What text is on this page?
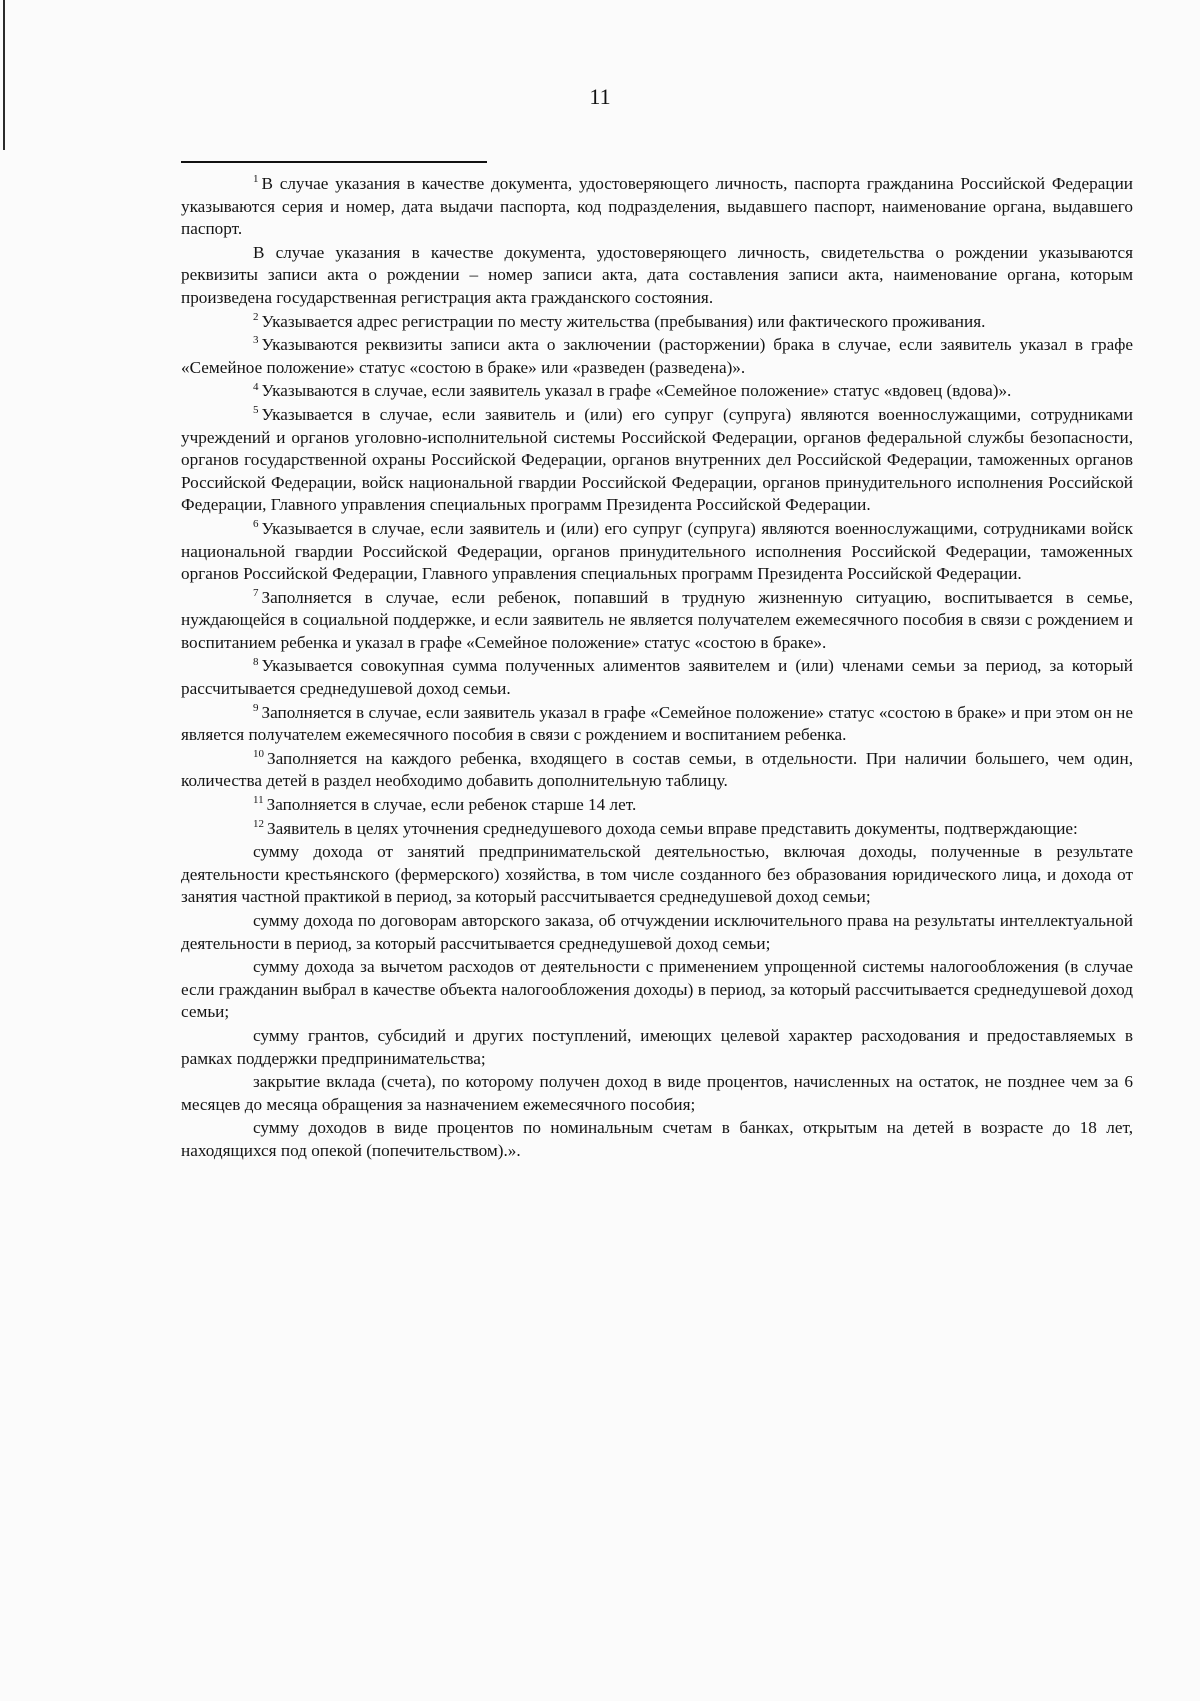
11

$^1$ В случае указания в качестве документа, удостоверяющего личность, паспорта гражданина Российской Федерации указываются серия и номер, дата выдачи паспорта, код подразделения, выдавшего паспорт, наименование органа, выдавшего паспорт.

В случае указания в качестве документа, удостоверяющего личность, свидетельства о рождении указываются реквизиты записи акта о рождении – номер записи акта, дата составления записи акта, наименование органа, которым произведена государственная регистрация акта гражданского состояния.

$^2$ Указывается адрес регистрации по месту жительства (пребывания) или фактического проживания.

$^3$ Указываются реквизиты записи акта о заключении (расторжении) брака в случае, если заявитель указал в графе «Семейное положение» статус «состою в браке» или «разведен (разведена)».

$^4$ Указываются в случае, если заявитель указал в графе «Семейное положение» статус «вдовец (вдова)».

$^5$ Указывается в случае, если заявитель и (или) его супруг (супруга) являются военнослужащими, сотрудниками учреждений и органов уголовно-исполнительной системы Российской Федерации, органов федеральной службы безопасности, органов государственной охраны Российской Федерации, органов внутренних дел Российской Федерации, таможенных органов Российской Федерации, войск национальной гвардии Российской Федерации, органов принудительного исполнения Российской Федерации, Главного управления специальных программ Президента Российской Федерации.

$^6$ Указывается в случае, если заявитель и (или) его супруг (супруга) являются военнослужащими, сотрудниками войск национальной гвардии Российской Федерации, органов принудительного исполнения Российской Федерации, таможенных органов Российской Федерации, Главного управления специальных программ Президента Российской Федерации.

$^7$ Заполняется в случае, если ребенок, попавший в трудную жизненную ситуацию, воспитывается в семье, нуждающейся в социальной поддержке, и если заявитель не является получателем ежемесячного пособия в связи с рождением и воспитанием ребенка и указал в графе «Семейное положение» статус «состою в браке».

$^8$ Указывается совокупная сумма полученных алиментов заявителем и (или) членами семьи за период, за который рассчитывается среднедушевой доход семьи.

$^9$ Заполняется в случае, если заявитель указал в графе «Семейное положение» статус «состою в браке» и при этом он не является получателем ежемесячного пособия в связи с рождением и воспитанием ребенка.

$^{10}$ Заполняется на каждого ребенка, входящего в состав семьи, в отдельности. При наличии большего, чем один, количества детей в раздел необходимо добавить дополнительную таблицу.

$^{11}$ Заполняется в случае, если ребенок старше 14 лет.

$^{12}$ Заявитель в целях уточнения среднедушевого дохода семьи вправе представить документы, подтверждающие:

сумму дохода от занятий предпринимательской деятельностью, включая доходы, полученные в результате деятельности крестьянского (фермерского) хозяйства, в том числе созданного без образования юридического лица, и дохода от занятия частной практикой в период, за который рассчитывается среднедушевой доход семьи;

сумму дохода по договорам авторского заказа, об отчуждении исключительного права на результаты интеллектуальной деятельности в период, за который рассчитывается среднедушевой доход семьи;

сумму дохода за вычетом расходов от деятельности с применением упрощенной системы налогообложения (в случае если гражданин выбрал в качестве объекта налогообложения доходы) в период, за который рассчитывается среднедушевой доход семьи;

сумму грантов, субсидий и других поступлений, имеющих целевой характер расходования и предоставляемых в рамках поддержки предпринимательства;

закрытие вклада (счета), по которому получен доход в виде процентов, начисленных на остаток, не позднее чем за 6 месяцев до месяца обращения за назначением ежемесячного пособия;

сумму доходов в виде процентов по номинальным счетам в банках, открытым на детей в возрасте до 18 лет, находящихся под опекой (попечительством).».
